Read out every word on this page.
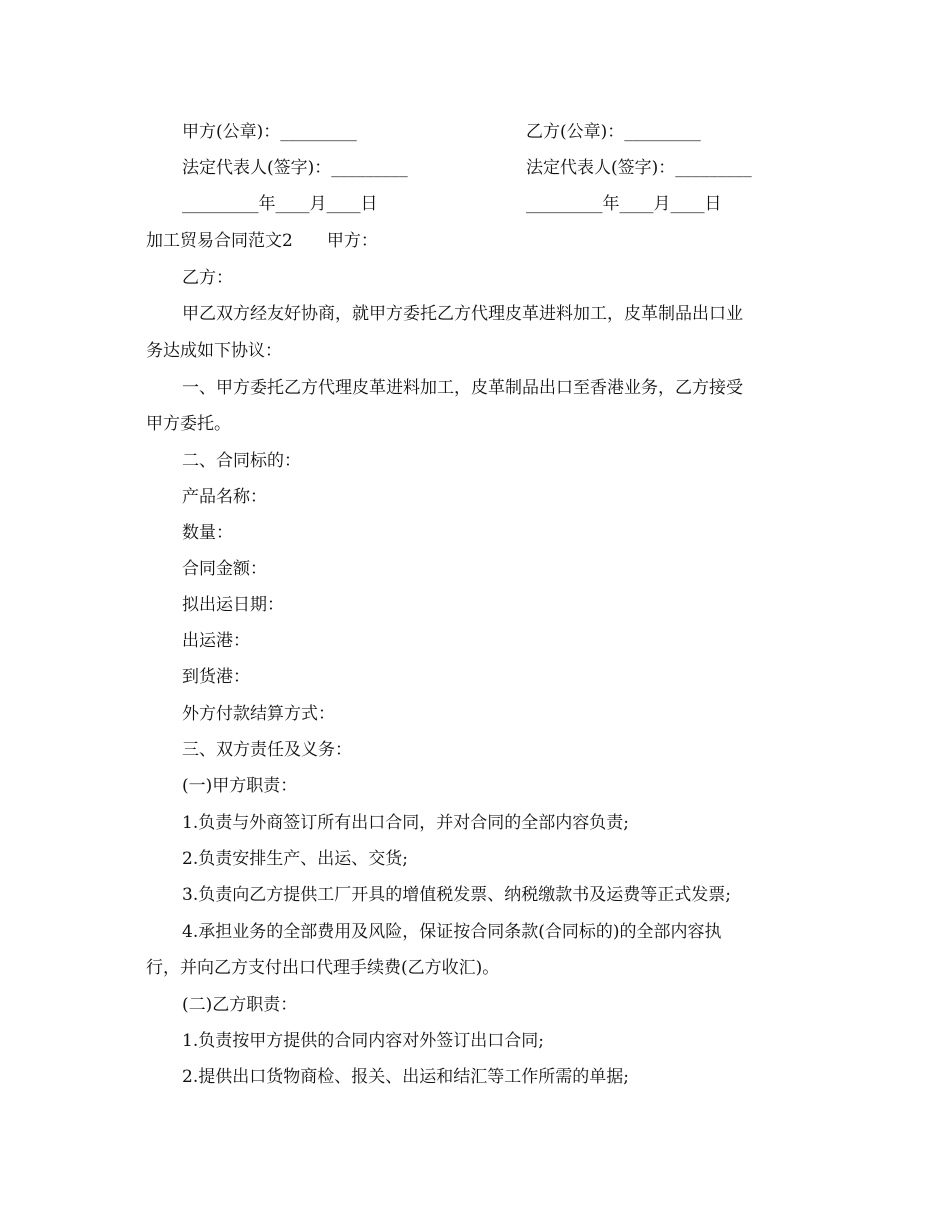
甲方(公章)：_________	乙方(公章)：_________
法定代表人(签字)：_________	法定代表人(签字)：_________
_________年____月____日	_________年____月____日
加工贸易合同范文2　　甲方：
乙方：
甲乙双方经友好协商，就甲方委托乙方代理皮革进料加工，皮革制品出口业
务达成如下协议：
一、甲方委托乙方代理皮革进料加工，皮革制品出口至香港业务，乙方接受
甲方委托。
二、合同标的：
产品名称：
数量：
合同金额：
拟出运日期：
出运港：
到货港：
外方付款结算方式：
三、双方责任及义务：
(一)甲方职责：
1.负责与外商签订所有出口合同，并对合同的全部内容负责;
2.负责安排生产、出运、交货;
3.负责向乙方提供工厂开具的增值税发票、纳税缴款书及运费等正式发票;
4.承担业务的全部费用及风险，保证按合同条款(合同标的)的全部内容执
行，并向乙方支付出口代理手续费(乙方收汇)。
(二)乙方职责：
1.负责按甲方提供的合同内容对外签订出口合同;
2.提供出口货物商检、报关、出运和结汇等工作所需的单据;
